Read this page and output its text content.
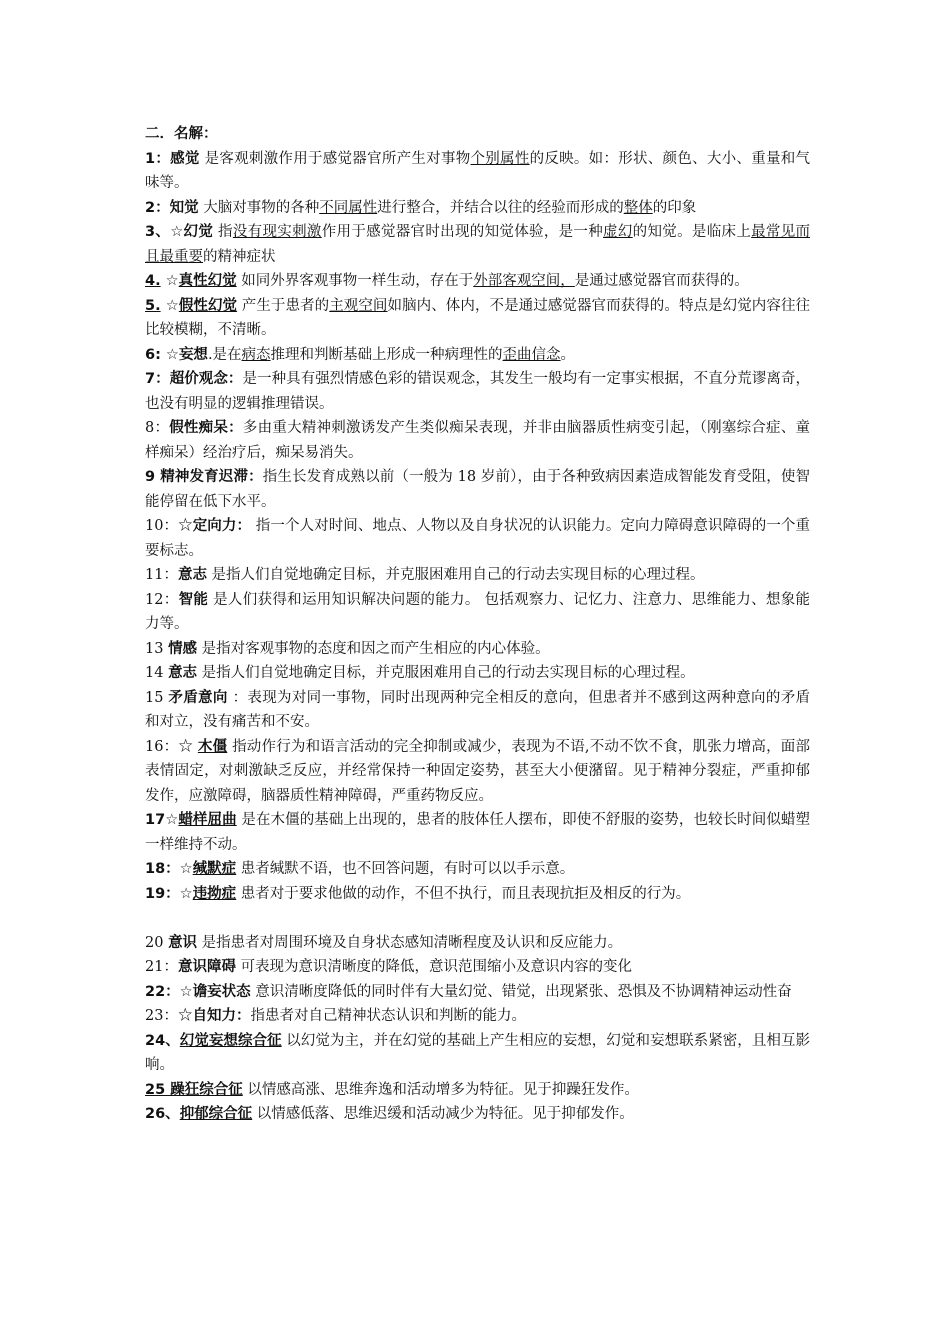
二．名解：

1：感觉 是客观刺激作用于感觉器官所产生对事物个别属性的反映。如：形状、颜色、大小、重量和气味等。

2：知觉 大脑对事物的各种不同属性进行整合，并结合以往的经验而形成的整体的印象

3、☆幻觉 指没有现实刺激作用于感觉器官时出现的知觉体验，是一种虚幻的知觉。是临床上最常见而且最重要的精神症状

4. ☆真性幻觉 如同外界客观事物一样生动，存在于外部客观空间，是通过感觉器官而获得的。

5. ☆假性幻觉 产生于患者的主观空间如脑内、体内，不是通过感觉器官而获得的。特点是幻觉内容往往比较模糊，不清晰。

6: ☆妄想.是在病态推理和判断基础上形成一种病理性的歪曲信念。

7：超价观念：是一种具有强烈情感色彩的错误观念，其发生一般均有一定事实根据，不直分荒谬离奇，也没有明显的逻辑推理错误。

8：假性痴呆：多由重大精神刺激诱发产生类似痴呆表现，并非由脑器质性病变引起，（刚塞综合症、童样痴呆）经治疗后，痴呆易消失。

9 精神发育迟滞：指生长发育成熟以前（一般为 18 岁前），由于各种致病因素造成智能发育受阻，使智能停留在低下水平。

10：☆定向力： 指一个人对时间、地点、人物以及自身状况的认识能力。定向力障碍意识障碍的一个重要标志。

11：意志 是指人们自觉地确定目标，并克服困难用自己的行动去实现目标的心理过程。

12：智能 是人们获得和运用知识解决问题的能力。 包括观察力、记忆力、注意力、思维能力、想象能力等。

13 情感 是指对客观事物的态度和因之而产生相应的内心体验。

14 意志 是指人们自觉地确定目标，并克服困难用自己的行动去实现目标的心理过程。

15 矛盾意向 ：表现为对同一事物，同时出现两种完全相反的意向，但患者并不感到这两种意向的矛盾和对立，没有痛苦和不安。

16：☆ 木僵 指动作行为和语言活动的完全抑制或减少，表现为不语,不动不饮不食，肌张力增高，面部表情固定，对刺激缺乏反应，并经常保持一种固定姿势，甚至大小便潴留。见于精神分裂症，严重抑郁发作，应激障碍，脑器质性精神障碍，严重药物反应。

17☆蜡样屈曲 是在木僵的基础上出现的，患者的肢体任人摆布，即使不舒服的姿势，也较长时间似蜡塑一样维持不动。

18：☆缄默症 患者缄默不语，也不回答问题，有时可以以手示意。

19：☆违拗症 患者对于要求他做的动作，不但不执行，而且表现抗拒及相反的行为。

20 意识 是指患者对周围环境及自身状态感知清晰程度及认识和反应能力。

21：意识障碍 可表现为意识清晰度的降低，意识范围缩小及意识内容的变化

22：☆谵妄状态 意识清晰度降低的同时伴有大量幻觉、错觉，出现紧张、恐惧及不协调精神运动性奋

23：☆自知力：指患者对自己精神状态认识和判断的能力。

24、幻觉妄想综合征 以幻觉为主，并在幻觉的基础上产生相应的妄想，幻觉和妄想联系紧密，且相互影响。

25 躁狂综合征 以情感高涨、思维奔逸和活动增多为特征。见于抑躁狂发作。

26、抑郁综合征 以情感低落、思维迟缓和活动减少为特征。见于抑郁发作。
